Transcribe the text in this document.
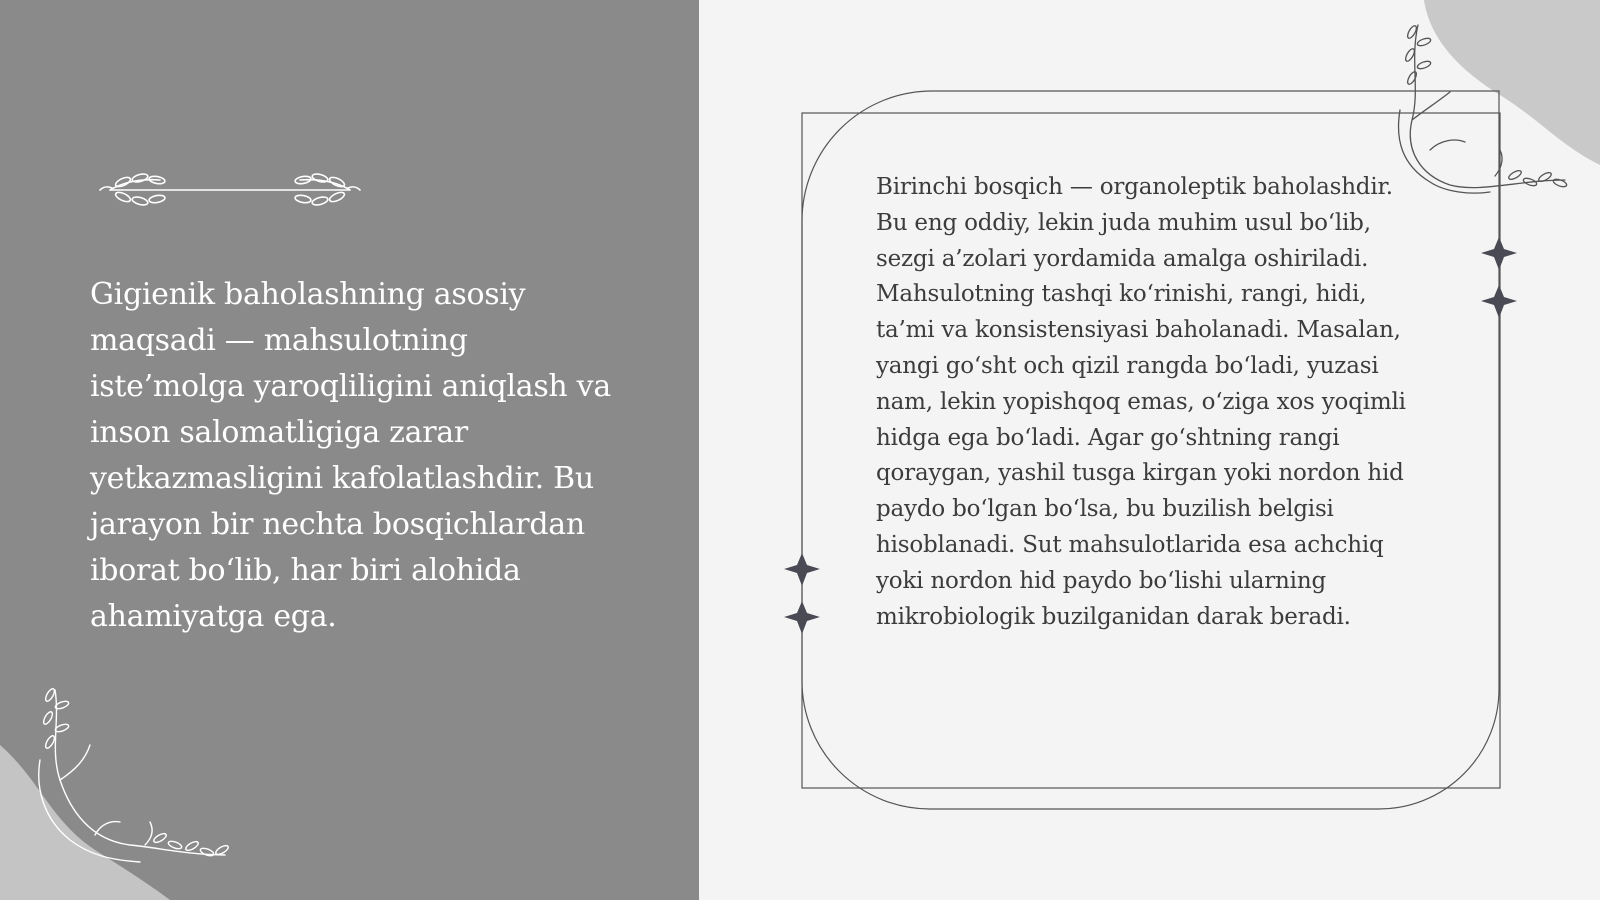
Gigienik baholashning asosiy maqsadi — mahsulotning iste’molga yaroqliligini aniqlash va inson salomatligiga zarar yetkazmasligini kafolatlashdir. Bu jarayon bir nechta bosqichlardan iborat bo‘lib, har biri alohida ahamiyatga ega.

Birinchi bosqich — organoleptik baholashdir. Bu eng oddiy, lekin juda muhim usul bo‘lib, sezgi a’zolari yordamida amalga oshiriladi. Mahsulotning tashqi ko‘rinishi, rangi, hidi, ta’mi va konsistensiyasi baholanadi. Masalan, yangi go‘sht och qizil rangda bo‘ladi, yuzasi nam, lekin yopishqoq emas, o‘ziga xos yoqimli hidga ega bo‘ladi. Agar go‘shtning rangi qoraygan, yashil tusga kirgan yoki nordon hid paydo bo‘lgan bo‘lsa, bu buzilish belgisi hisoblanadi. Sut mahsulotlarida esa achchiq yoki nordon hid paydo bo‘lishi ularning mikrobiologik buzilganidan darak beradi.
